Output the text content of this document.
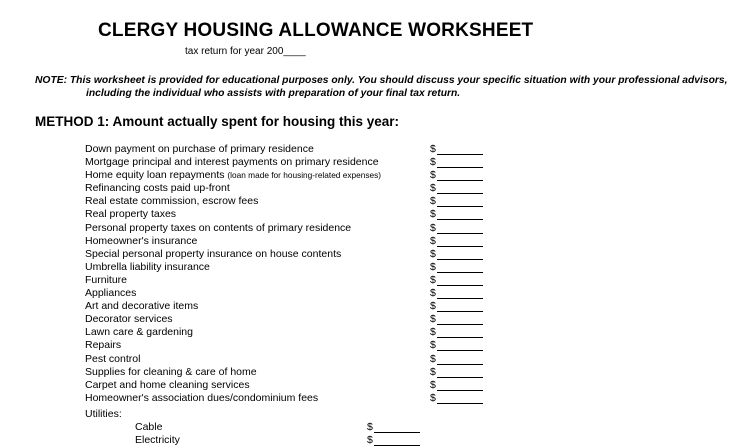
CLERGY HOUSING ALLOWANCE WORKSHEET
tax return for year 200____
NOTE: This worksheet is provided for educational purposes only. You should discuss your specific situation with your professional advisors,
including the individual who assists with preparation of your final tax return.
METHOD 1: Amount actually spent for housing this year:
Down payment on purchase of primary residence	$
Mortgage principal and interest payments on primary residence	$
Home equity loan repayments (loan made for housing-related expenses)	$
Refinancing costs paid up-front	$
Real estate commission, escrow fees	$
Real property taxes	$
Personal property taxes on contents of primary residence	$
Homeowner's insurance	$
Special personal property insurance on house contents	$
Umbrella liability insurance	$
Furniture	$
Appliances	$
Art and decorative items	$
Decorator services	$
Lawn care & gardening	$
Repairs	$
Pest control	$
Supplies for cleaning & care of home	$
Carpet and home cleaning services	$
Homeowner's association dues/condominium fees	$
Utilities:
Cable	$
Electricity	$
